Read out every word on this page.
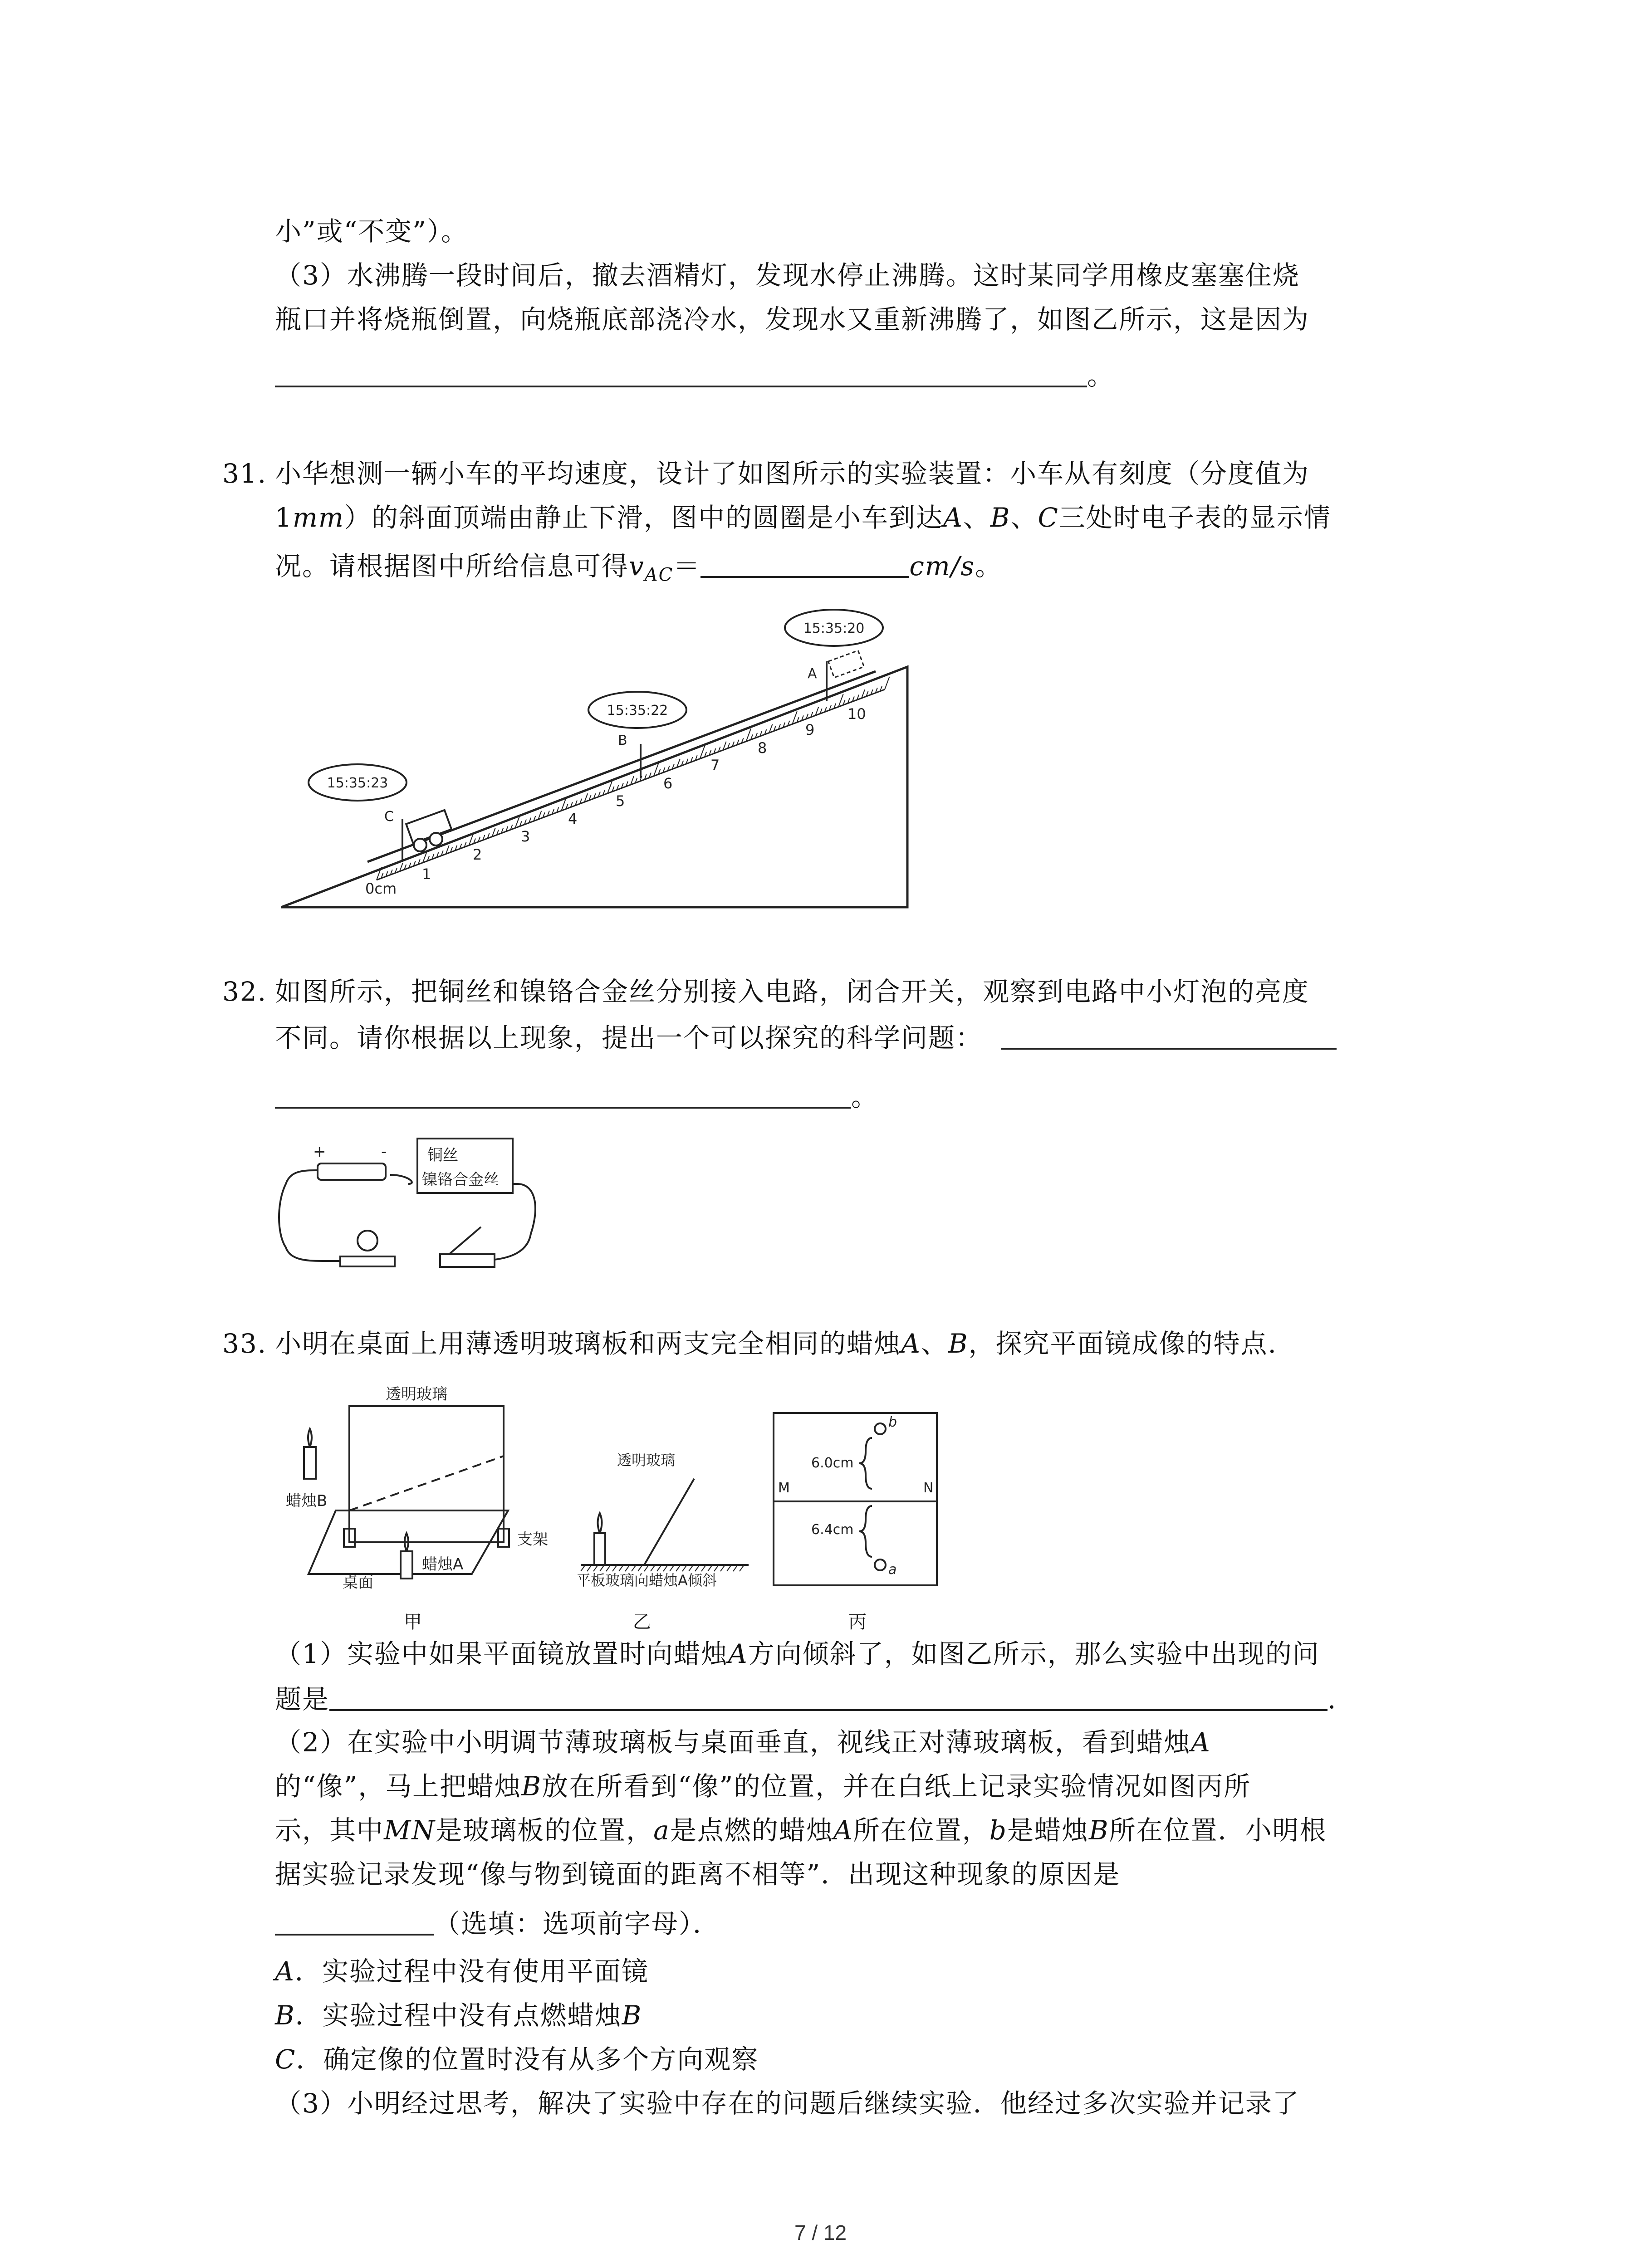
小”或“不变”）。
（3）水沸腾一段时间后，撤去酒精灯，发现水停止沸腾。这时某同学用橡皮塞塞住烧
瓶口并将烧瓶倒置，向烧瓶底部浇冷水，发现水又重新沸腾了，如图乙所示，这是因为
。
31. 小华想测一辆小车的平均速度，设计了如图所示的实验装置：小车从有刻度（分度值为
1mm）的斜面顶端由静止下滑，图中的圆圈是小车到达A、B、C三处时电子表的显示情
况。请根据图中所给信息可得$v_{AC}=$	cm/s。
0cm
1
2
3
4
5
6
7
8
9
10
15:35:23
C
15:35:22
B
15:35:20
A
32. 如图所示，把铜丝和镍铬合金丝分别接入电路，闭合开关，观察到电路中小灯泡的亮度
不同。请你根据以上现象，提出一个可以探究的科学问题：
。
+	-	铜丝
镍铬合金丝
33. 小明在桌面上用薄透明玻璃板和两支完全相同的蜡烛A、B，探究平面镜成像的特点.
透明玻璃
蜡烛B
蜡烛A
桌面
支架
甲
透明玻璃
平板玻璃向蜡烛A倾斜
乙
M	N
6.0cm
6.4cm
b
a
丙
（1）实验中如果平面镜放置时向蜡烛A方向倾斜了，如图乙所示，那么实验中出现的问
题是	.
（2）在实验中小明调节薄玻璃板与桌面垂直，视线正对薄玻璃板，看到蜡烛A
的“像”，马上把蜡烛B放在所看到“像”的位置，并在白纸上记录实验情况如图丙所
示，其中MN是玻璃板的位置，a是点燃的蜡烛A所在位置，b是蜡烛B所在位置．小明根
据实验记录发现“像与物到镜面的距离不相等”．出现这种现象的原因是
（选填：选项前字母）．
A．实验过程中没有使用平面镜
B．实验过程中没有点燃蜡烛B
C．确定像的位置时没有从多个方向观察
（3）小明经过思考，解决了实验中存在的问题后继续实验．他经过多次实验并记录了
7 / 12
